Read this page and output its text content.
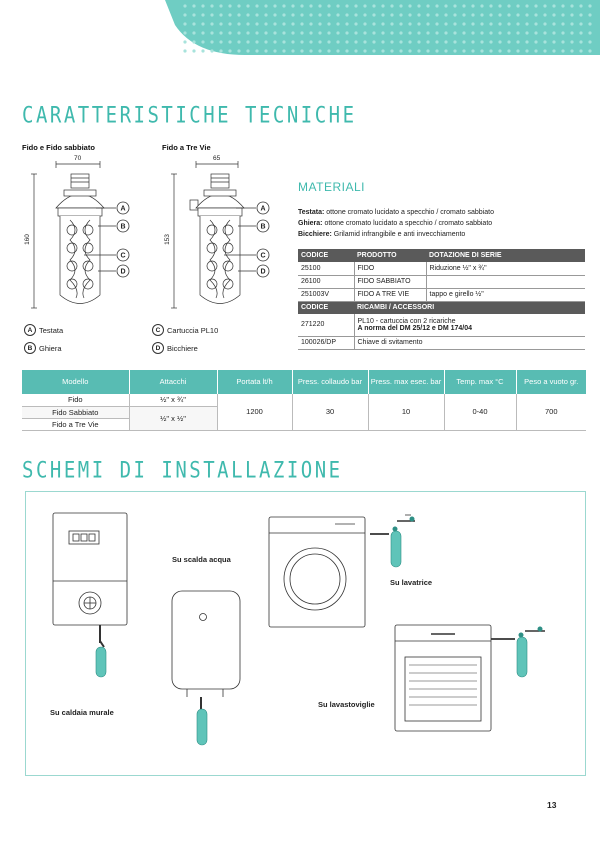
CARATTERISTICHE TECNICHE
Fido e Fido sabbiato
70
160
A
B
C
D
Fido a Tre Vie
65
153
A
B
C
D
A Testata
B Ghiera
C Cartuccia PL10
D Bicchiere
MATERIALI
Testata: ottone cromato lucidato a specchio / cromato sabbiato
Ghiera: ottone cromato lucidato a specchio / cromato sabbiato
Bicchiere: Grilamid infrangibile e anti invecchiamento
CODICE	PRODOTTO	DOTAZIONE DI SERIE
25100	FIDO	Riduzione ½" x ¾"
26100	FIDO SABBIATO	
251003V	FIDO A TRE VIE	tappo e girello ½"
CODICE	RICAMBI / ACCESSORI	
271220	PL10 - cartuccia con 2 ricariche
A norma del DM 25/12 e DM 174/04	

100026/DP	Chiave di svitamento	
Modello	Attacchi	Portata lt/h	Press. collaudo bar	Press. max esec. bar	Temp. max °C	Peso a vuoto gr.
Fido	½" x ¾"	1200	30	10	0-40	700
Fido Sabbiato	½" x ½"					
Fido a Tre Vie						
SCHEMI DI INSTALLAZIONE
Su caldaia murale
Su scalda acqua
Su lavatrice
Su lavastoviglie
13
